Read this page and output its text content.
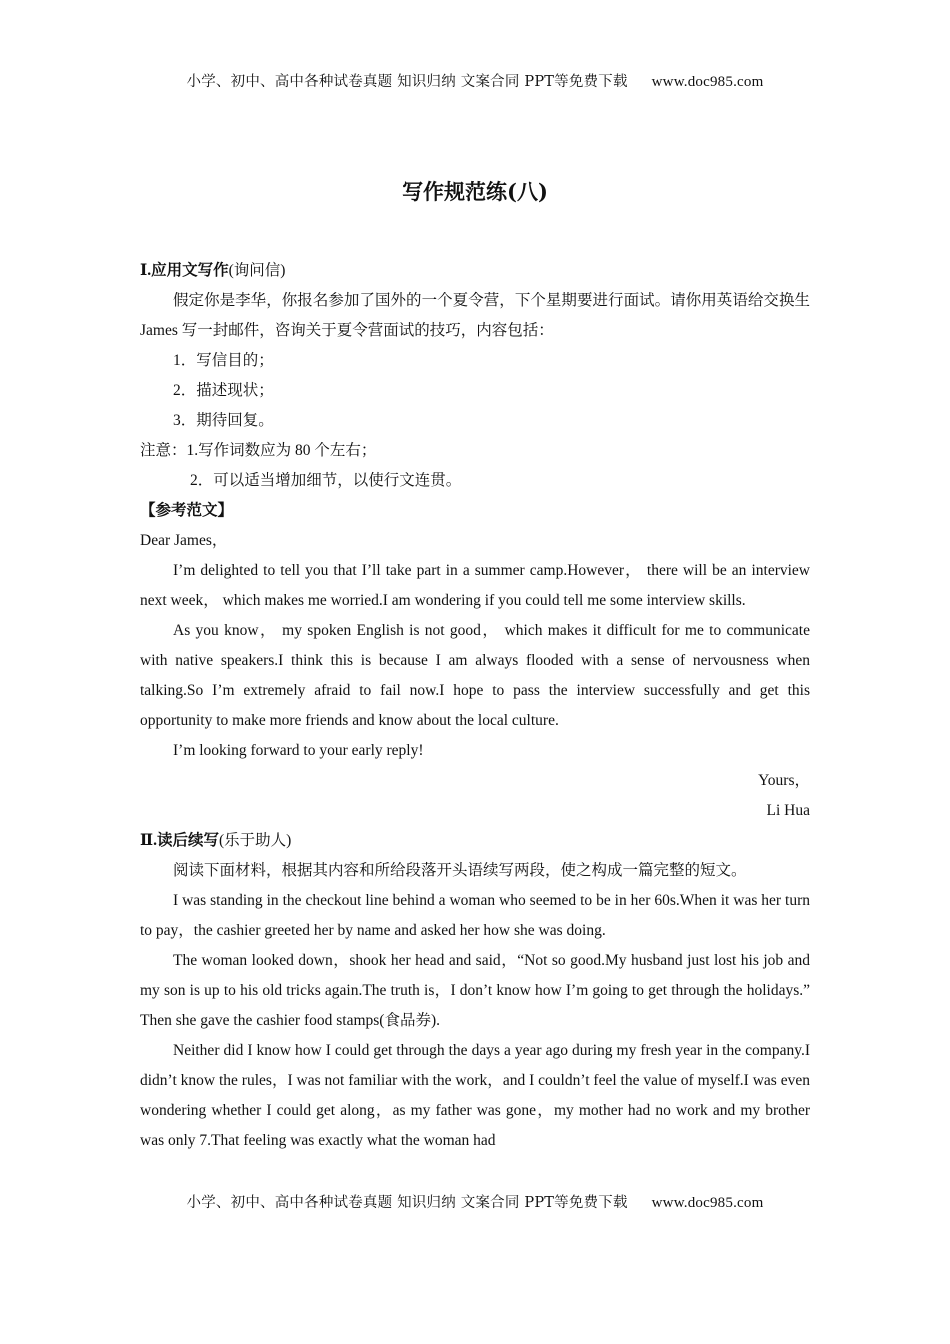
小学、初中、高中各种试卷真题 知识归纳 文案合同 PPT等免费下载 www.doc985.com
写作规范练(八)

Ⅰ.应用文写作(询问信)

假定你是李华，你报名参加了国外的一个夏令营，下个星期要进行面试。请你用英语给交换生 James 写一封邮件，咨询关于夏令营面试的技巧，内容包括：

1．写信目的；

2．描述现状；

3．期待回复。

注意：1.写作词数应为 80 个左右；

2．可以适当增加细节，以使行文连贯。

【参考范文】

Dear James，

I’m delighted to tell you that I’ll take part in a summer camp.However， there will be an interview next week， which makes me worried.I am wondering if you could tell me some interview skills.

As you know， my spoken English is not good， which makes it difficult for me to communicate with native speakers.I think this is because I am always flooded with a sense of nervousness when talking.So I’m extremely afraid to fail now.I hope to pass the interview successfully and get this opportunity to make more friends and know about the local culture.

I’m looking forward to your early reply!

Yours，

Li Hua

Ⅱ.读后续写(乐于助人)

阅读下面材料，根据其内容和所给段落开头语续写两段，使之构成一篇完整的短文。

I was standing in the checkout line behind a woman who seemed to be in her 60s.When it was her turn to pay，the cashier greeted her by name and asked her how she was doing.

The woman looked down，shook her head and said，“Not so good.My husband just lost his job and my son is up to his old tricks again.The truth is，I don’t know how I’m going to get through the holidays.” Then she gave the cashier food stamps(食品券).

Neither did I know how I could get through the days a year ago during my fresh year in the company.I didn’t know the rules，I was not familiar with the work，and I couldn’t feel the value of myself.I was even wondering whether I could get along，as my father was gone，my mother had no work and my brother was only 7.That feeling was exactly what the woman had

小学、初中、高中各种试卷真题 知识归纳 文案合同 PPT等免费下载 www.doc985.com
